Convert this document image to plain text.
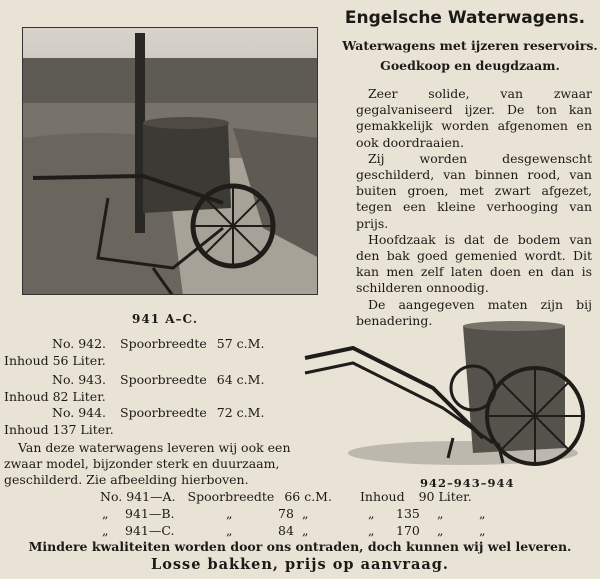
941 A–C.
Engelsche Waterwagens.
Waterwagens met ijzeren reservoirs.
Goedkoop en deugdzaam.

Zeer solide, van zwaar gegalvaniseerd ijzer. De ton kan gemakkelijk worden afgenomen en ook doordraaien.

Zij worden desgewenscht geschilderd, van binnen rood, van buiten groen, met zwart afgezet, tegen een kleine verhooging van prijs.

Hoofdzaak is dat de bodem van den bak goed gemenied wordt. Dit kan men zelf laten doen en dan is schilderen onnoodig.

De aangegeven maten zijn bij benadering.

No. 942. Spoorbreedte 57 c.M.
Inhoud 56 Liter.
No. 943. Spoorbreedte 64 c.M.
Inhoud 82 Liter.
No. 944. Spoorbreedte 72 c.M.
Inhoud 137 Liter.
Van deze waterwagens leveren wij ook een
zwaar model, bijzonder sterk en duurzaam,
geschilderd. Zie afbeelding hierboven.	942–943–944
No. 941—A. Spoorbreedte 66 c.M. Inhoud 90 Liter.
„ 941—B.	„	78 „	„ 135 „	„
„ 941—C.	„	84 „	„ 170 „	„
Mindere kwaliteiten worden door ons ontraden, doch kunnen wij wel leveren.
Losse bakken, prijs op aanvraag.
